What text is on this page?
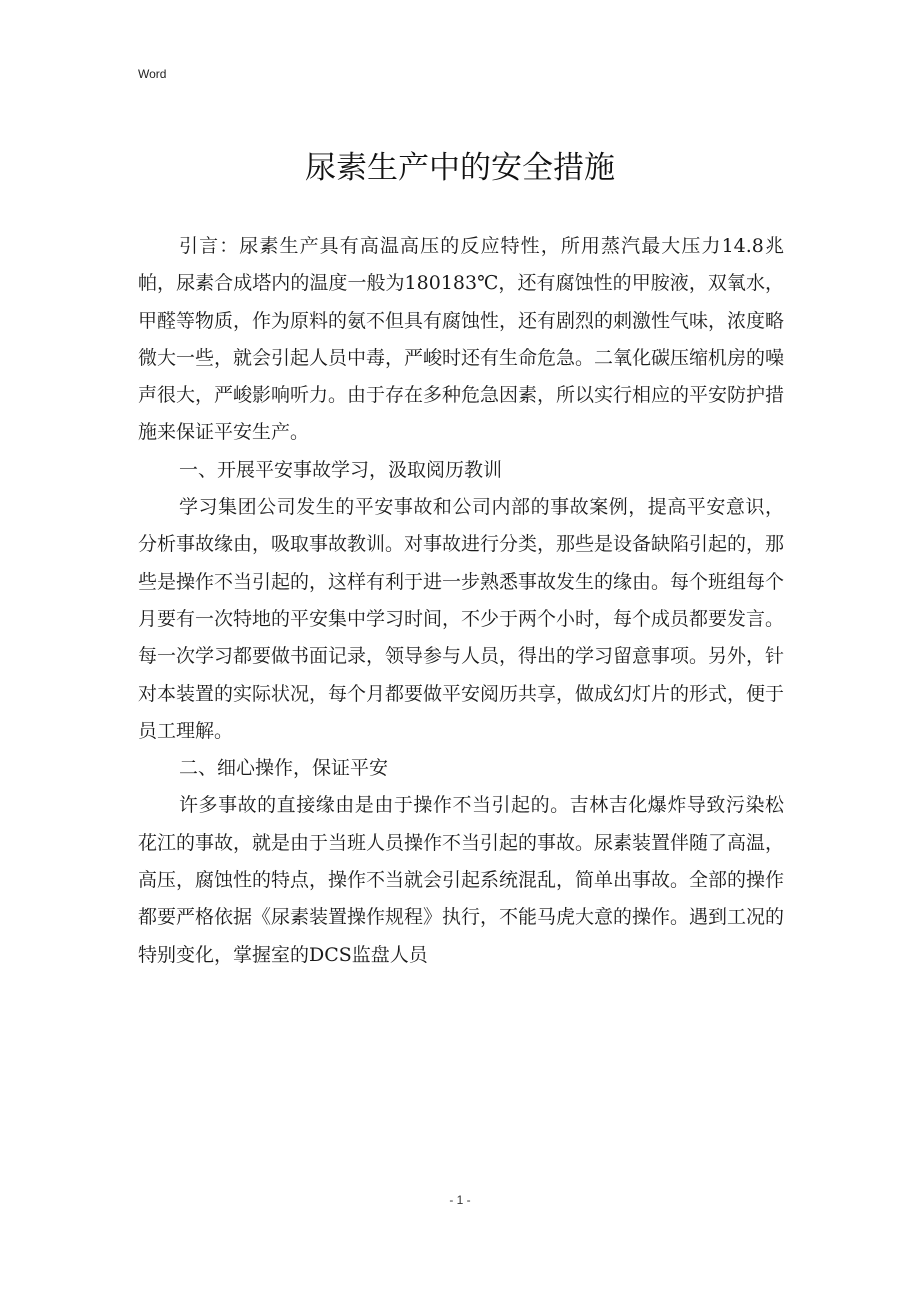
Word
尿素生产中的安全措施

引言：尿素生产具有高温高压的反应特性，所用蒸汽最大压力14.8兆帕，尿素合成塔内的温度一般为180183℃，还有腐蚀性的甲胺液，双氧水，甲醛等物质，作为原料的氨不但具有腐蚀性，还有剧烈的刺激性气味，浓度略微大一些，就会引起人员中毒，严峻时还有生命危急。二氧化碳压缩机房的噪声很大，严峻影响听力。由于存在多种危急因素，所以实行相应的平安防护措施来保证平安生产。

一、开展平安事故学习，汲取阅历教训

学习集团公司发生的平安事故和公司内部的事故案例，提高平安意识，分析事故缘由，吸取事故教训。对事故进行分类，那些是设备缺陷引起的，那些是操作不当引起的，这样有利于进一步熟悉事故发生的缘由。每个班组每个月要有一次特地的平安集中学习时间，不少于两个小时，每个成员都要发言。每一次学习都要做书面记录，领导参与人员，得出的学习留意事项。另外，针对本装置的实际状况，每个月都要做平安阅历共享，做成幻灯片的形式，便于员工理解。

二、细心操作，保证平安

许多事故的直接缘由是由于操作不当引起的。吉林吉化爆炸导致污染松花江的事故，就是由于当班人员操作不当引起的事故。尿素装置伴随了高温，高压，腐蚀性的特点，操作不当就会引起系统混乱，简单出事故。全部的操作都要严格依据《尿素装置操作规程》执行，不能马虎大意的操作。遇到工况的特别变化，掌握室的DCS监盘人员

- 1 -
